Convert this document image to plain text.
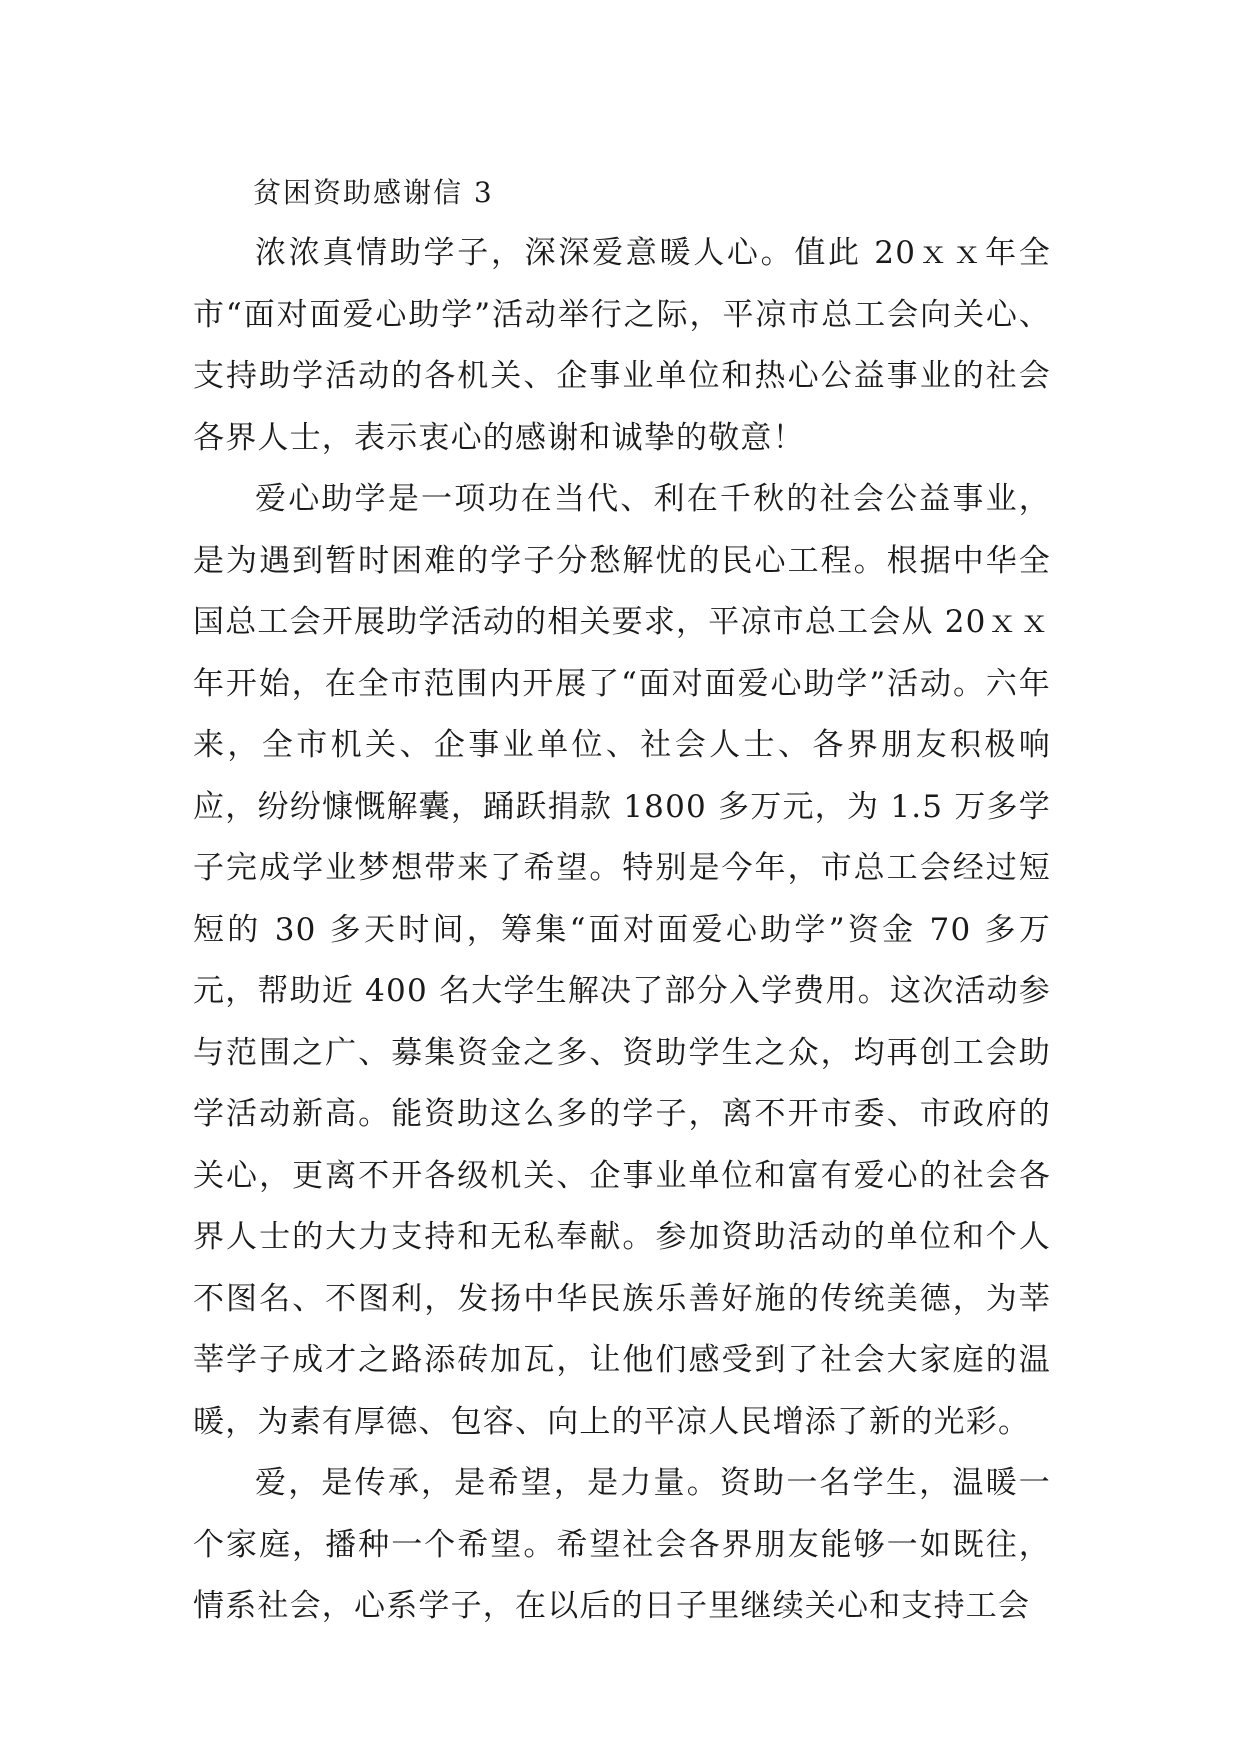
贫困资助感谢信 3

浓浓真情助学子，深深爱意暖人心。值此 20ｘｘ年全市“面对面爱心助学”活动举行之际，平凉市总工会向关心、支持助学活动的各机关、企事业单位和热心公益事业的社会各界人士，表示衷心的感谢和诚挚的敬意！

爱心助学是一项功在当代、利在千秋的社会公益事业，是为遇到暂时困难的学子分愁解忧的民心工程。根据中华全国总工会开展助学活动的相关要求，平凉市总工会从 20ｘｘ年开始，在全市范围内开展了“面对面爱心助学”活动。六年来，全市机关、企事业单位、社会人士、各界朋友积极响应，纷纷慷慨解囊，踊跃捐款 1800 多万元，为 1.5 万多学子完成学业梦想带来了希望。特别是今年，市总工会经过短短的 30 多天时间，筹集“面对面爱心助学”资金 70 多万元，帮助近 400 名大学生解决了部分入学费用。这次活动参与范围之广、募集资金之多、资助学生之众，均再创工会助学活动新高。能资助这么多的学子，离不开市委、市政府的关心，更离不开各级机关、企事业单位和富有爱心的社会各界人士的大力支持和无私奉献。参加资助活动的单位和个人不图名、不图利，发扬中华民族乐善好施的传统美德，为莘莘学子成才之路添砖加瓦，让他们感受到了社会大家庭的温暖，为素有厚德、包容、向上的平凉人民增添了新的光彩。

爱，是传承，是希望，是力量。资助一名学生，温暖一个家庭，播种一个希望。希望社会各界朋友能够一如既往，情系社会，心系学子，在以后的日子里继续关心和支持工会
